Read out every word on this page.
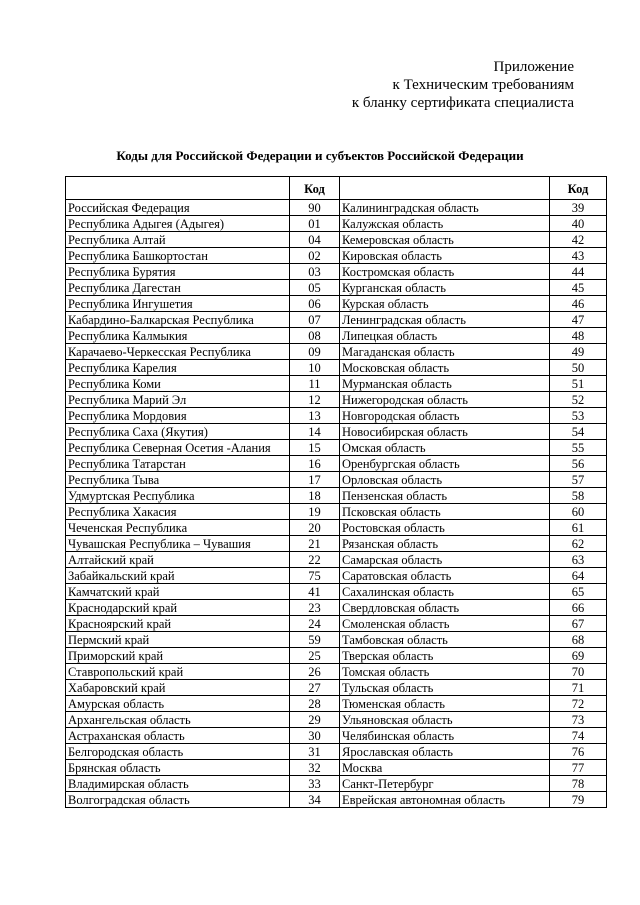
Приложение
к Техническим требованиям
к бланку сертификата специалиста
Коды для Российской Федерации и субъектов Российской Федерации
	Код		Код
Российская Федерация	90	Калининградская область	39
Республика Адыгея (Адыгея)	01	Калужская область	40
Республика Алтай	04	Кемеровская область	42
Республика Башкортостан	02	Кировская область	43
Республика Бурятия	03	Костромская область	44
Республика Дагестан	05	Курганская область	45
Республика Ингушетия	06	Курская область	46
Кабардино-Балкарская Республика	07	Ленинградская область	47
Республика Калмыкия	08	Липецкая область	48
Карачаево-Черкесская Республика	09	Магаданская область	49
Республика Карелия	10	Московская область	50
Республика Коми	11	Мурманская область	51
Республика Марий Эл	12	Нижегородская область	52
Республика Мордовия	13	Новгородская область	53
Республика Саха (Якутия)	14	Новосибирская область	54
Республика Северная Осетия -Алания	15	Омская область	55
Республика Татарстан	16	Оренбургская область	56
Республика Тыва	17	Орловская область	57
Удмуртская Республика	18	Пензенская область	58
Республика Хакасия	19	Псковская область	60
Чеченская Республика	20	Ростовская область	61
Чувашская Республика – Чувашия	21	Рязанская область	62
Алтайский край	22	Самарская область	63
Забайкальский край	75	Саратовская область	64
Камчатский край	41	Сахалинская область	65
Краснодарский край	23	Свердловская область	66
Красноярский край	24	Смоленская область	67
Пермский край	59	Тамбовская область	68
Приморский край	25	Тверская область	69
Ставропольский край	26	Томская область	70
Хабаровский край	27	Тульская область	71
Амурская область	28	Тюменская область	72
Архангельская область	29	Ульяновская область	73
Астраханская область	30	Челябинская область	74
Белгородская область	31	Ярославская область	76
Брянская область	32	Москва	77
Владимирская область	33	Санкт-Петербург	78
Волгоградская область	34	Еврейская автономная область	79
